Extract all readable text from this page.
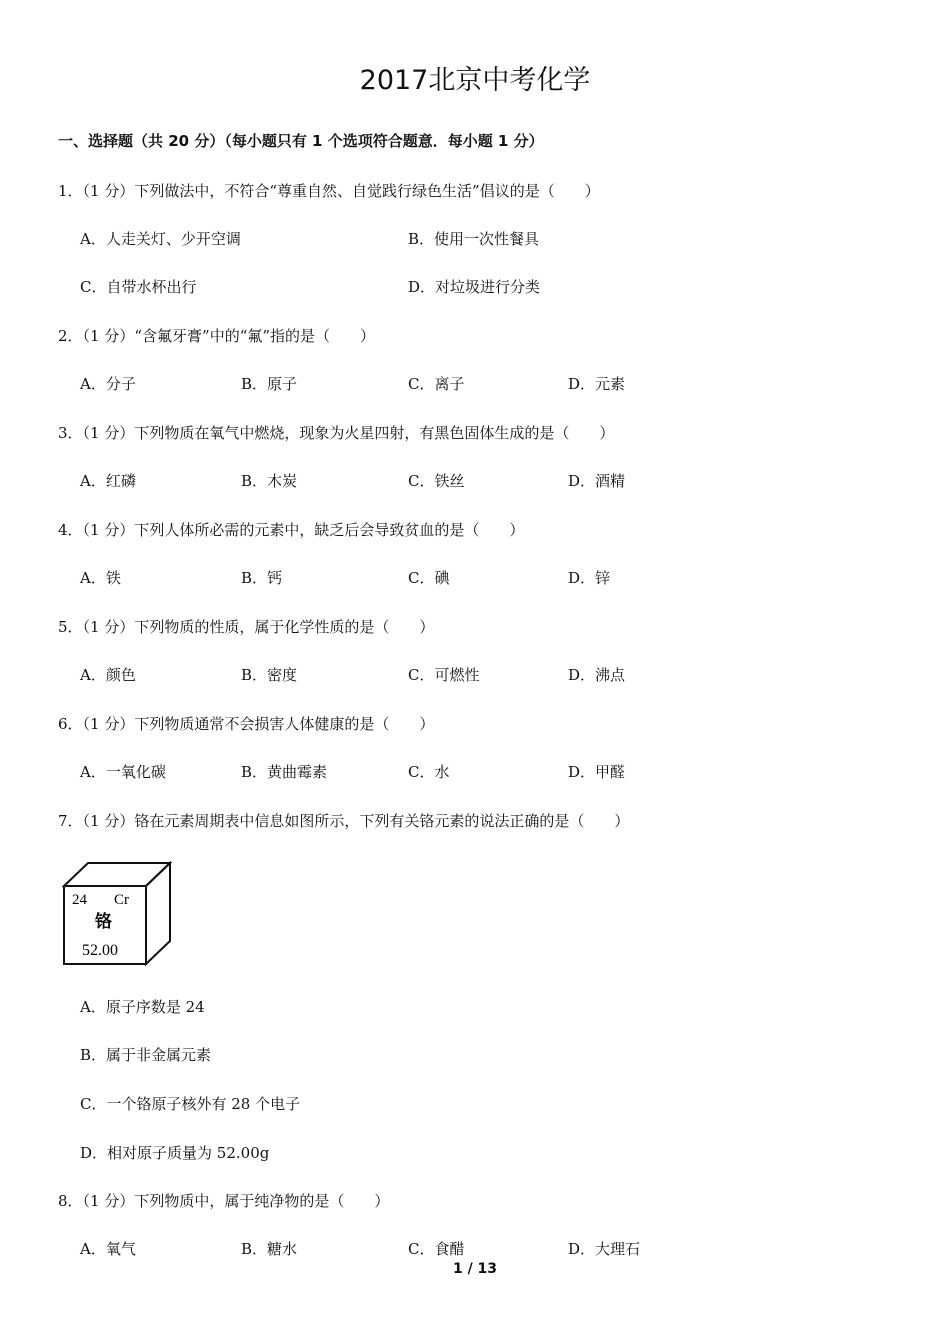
2017北京中考化学
一、选择题（共 20 分）（每小题只有 1 个选项符合题意．每小题 1 分）
1．（1 分）下列做法中，不符合“尊重自然、自觉践行绿色生活”倡议的是（　　）
A．人走关灯、少开空调	B．使用一次性餐具
C．自带水杯出行	D．对垃圾进行分类
2．（1 分）“含氟牙膏”中的“氟”指的是（　　）
A．分子	B．原子	C．离子	D．元素
3．（1 分）下列物质在氧气中燃烧，现象为火星四射，有黑色固体生成的是（　　）
A．红磷	B．木炭	C．铁丝	D．酒精
4．（1 分）下列人体所必需的元素中，缺乏后会导致贫血的是（　　）
A．铁	B．钙	C．碘	D．锌
5．（1 分）下列物质的性质，属于化学性质的是（　　）
A．颜色	B．密度	C．可燃性	D．沸点
6．（1 分）下列物质通常不会损害人体健康的是（　　）
A．一氧化碳	B．黄曲霉素	C．水	D．甲醛
7．（1 分）铬在元素周期表中信息如图所示，下列有关铬元素的说法正确的是（　　）
24 Cr
铬
52.00
A．原子序数是 24
B．属于非金属元素
C．一个铬原子核外有 28 个电子
D．相对原子质量为 52.00g
8．（1 分）下列物质中，属于纯净物的是（　　）
A．氧气	B．糖水	C．食醋	D．大理石
1 / 13
